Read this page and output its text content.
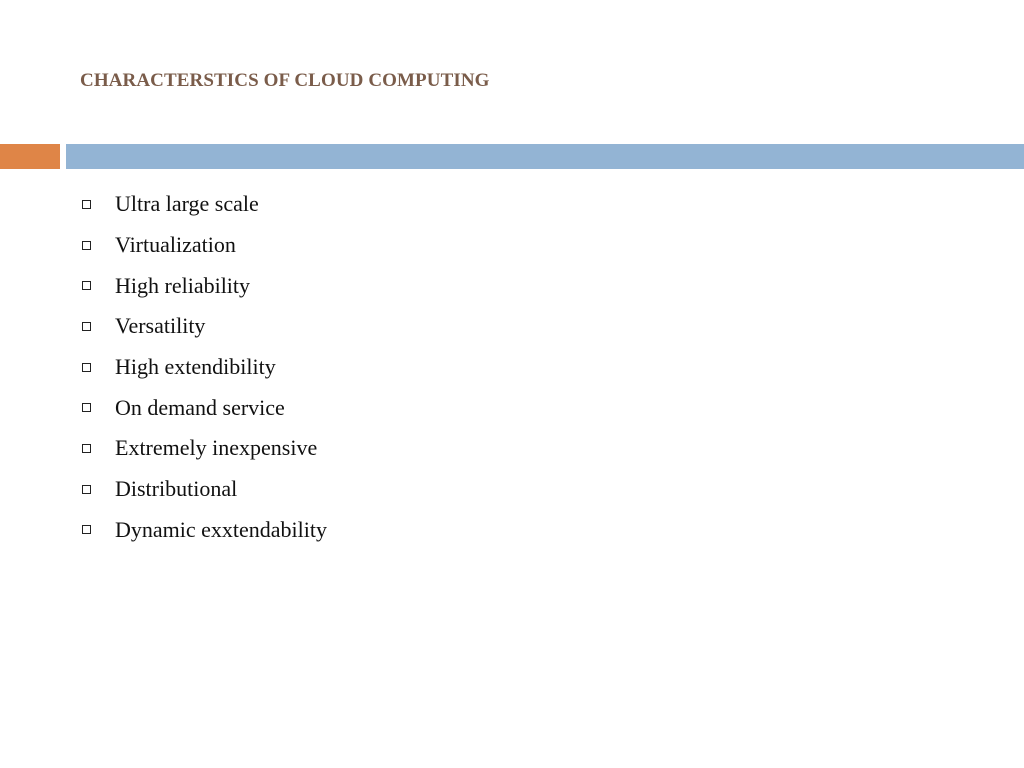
CHARACTERSTICS OF CLOUD COMPUTING
Ultra large scale
Virtualization
High reliability
Versatility
High extendibility
On demand service
Extremely inexpensive
Distributional
Dynamic exxtendability
